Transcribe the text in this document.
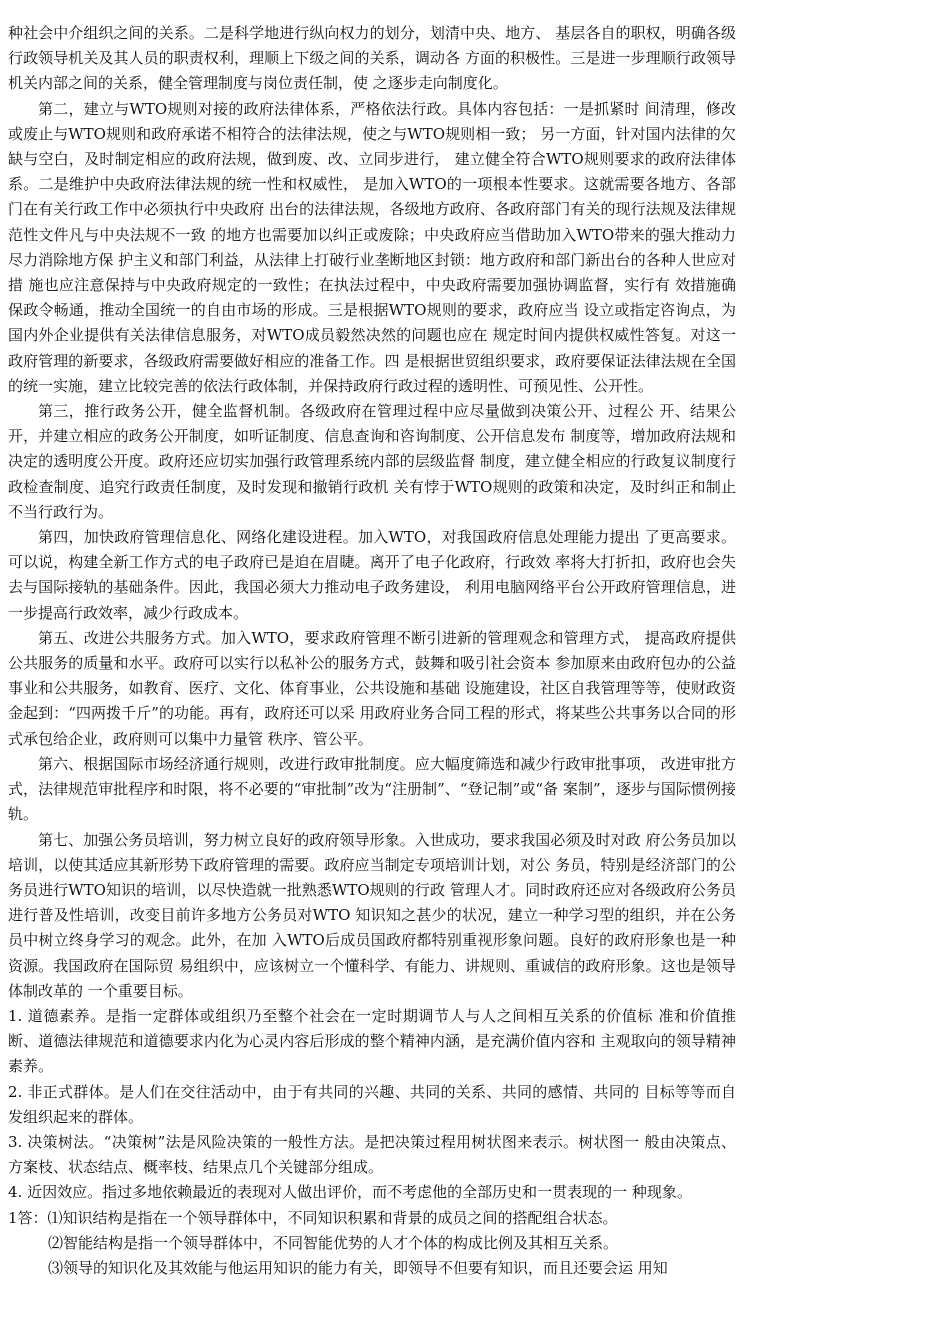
种社会中介组织之间的关系。二是科学地进行纵向权力的划分，划清中央、地方、 基层各自的职权，明确各级行政领导机关及其人员的职责权利，理顺上下级之间的关系，调动各 方面的积极性。三是进一步理顺行政领导机关内部之间的关系，健全管理制度与岗位责任制，使 之逐步走向制度化。

第二，建立与WTO规则对接的政府法律体系，严格依法行政。具体内容包括：一是抓紧时 间清理，修改或废止与WTO规则和政府承诺不相符合的法律法规，使之与WTO规则相一致； 另一方面，针对国内法律的欠缺与空白，及时制定相应的政府法规，做到废、改、立同步进行， 建立健全符合WTO规则要求的政府法律体系。二是维护中央政府法律法规的统一性和权威性， 是加入WTO的一项根本性要求。这就需要各地方、各部门在有关行政工作中必须执行中央政府 出台的法律法规，各级地方政府、各政府部门有关的现行法规及法律规范性文件凡与中央法规不一致 的地方也需要加以纠正或废除；中央政府应当借助加入WTO带来的强大推动力尽力消除地方保 护主义和部门利益，从法律上打破行业垄断地区封锁：地方政府和部门新出台的各种人世应对措 施也应注意保持与中央政府规定的一致性；在执法过程中，中央政府需要加强协调监督，实行有 效措施确保政令畅通，推动全国统一的自由市场的形成。三是根据WTO规则的要求，政府应当 设立或指定咨询点，为国内外企业提供有关法律信息服务，对WTO成员毅然决然的问题也应在 规定时间内提供权威性答复。对这一政府管理的新要求，各级政府需要做好相应的准备工作。四 是根据世贸组织要求，政府要保证法律法规在全国的统一实施，建立比较完善的依法行政体制，并保持政府行政过程的透明性、可预见性、公开性。

第三，推行政务公开，健全监督机制。各级政府在管理过程中应尽量做到决策公开、过程公 开、结果公开，并建立相应的政务公开制度，如听证制度、信息查询和咨询制度、公开信息发布 制度等，增加政府法规和决定的透明度公开度。政府还应切实加强行政管理系统内部的层级监督 制度，建立健全相应的行政复议制度行政检查制度、追究行政责任制度，及时发现和撤销行政机 关有悖于WTO规则的政策和决定，及时纠正和制止不当行政行为。

第四，加快政府管理信息化、网络化建设进程。加入WTO，对我国政府信息处理能力提出 了更高要求。可以说，构建全新工作方式的电子政府已是迫在眉睫。离开了电子化政府，行政效 率将大打折扣，政府也会失去与国际接轨的基础条件。因此，我国必须大力推动电子政务建设， 利用电脑网络平台公开政府管理信息，进一步提高行政效率，减少行政成本。

第五、改进公共服务方式。加入WTO，要求政府管理不断引进新的管理观念和管理方式， 提高政府提供公共服务的质量和水平。政府可以实行以私补公的服务方式，鼓舞和吸引社会资本 参加原来由政府包办的公益事业和公共服务，如教育、医疗、文化、体育事业，公共设施和基础 设施建设，社区自我管理等等，使财政资金起到：“四两拨千斤”的功能。再有，政府还可以采 用政府业务合同工程的形式，将某些公共事务以合同的形式承包给企业，政府则可以集中力量管 秩序、管公平。

第六、根据国际市场经济通行规则，改进行政审批制度。应大幅度筛选和减少行政审批事项， 改进审批方式，法律规范审批程序和时限，将不必要的“审批制”改为“注册制”、“登记制”或“备 案制”，逐步与国际惯例接轨。

第七、加强公务员培训，努力树立良好的政府领导形象。入世成功，要求我国必须及时对政 府公务员加以培训，以使其适应其新形势下政府管理的需要。政府应当制定专项培训计划，对公 务员，特别是经济部门的公务员进行WTO知识的培训，以尽快造就一批熟悉WTO规则的行政 管理人才。同时政府还应对各级政府公务员进行普及性培训，改变目前许多地方公务员对WTO 知识知之甚少的状况，建立一种学习型的组织，并在公务员中树立终身学习的观念。此外，在加 入WTO后成员国政府都特别重视形象问题。良好的政府形象也是一种资源。我国政府在国际贸 易组织中，应该树立一个懂科学、有能力、讲规则、重诚信的政府形象。这也是领导体制改革的 一个重要目标。

1. 道德素养。是指一定群体或组织乃至整个社会在一定时期调节人与人之间相互关系的价值标 准和价值推断、道德法律规范和道德要求内化为心灵内容后形成的整个精神内涵，是充满价值内容和 主观取向的领导精神素养。

2. 非正式群体。是人们在交往活动中，由于有共同的兴趣、共同的关系、共同的感情、共同的 目标等等而自发组织起来的群体。

3. 决策树法。“决策树”法是风险决策的一般性方法。是把决策过程用树状图来表示。树状图一 般由决策点、方案枝、状态结点、概率枝、结果点几个关键部分组成。

4. 近因效应。指过多地依赖最近的表现对人做出评价，而不考虑他的全部历史和一贯表现的一 种现象。

1答：⑴知识结构是指在一个领导群体中，不同知识积累和背景的成员之间的搭配组合状态。

⑵智能结构是指一个领导群体中，不同智能优势的人才个体的构成比例及其相互关系。

⑶领导的知识化及其效能与他运用知识的能力有关，即领导不但要有知识，而且还要会运 用知
